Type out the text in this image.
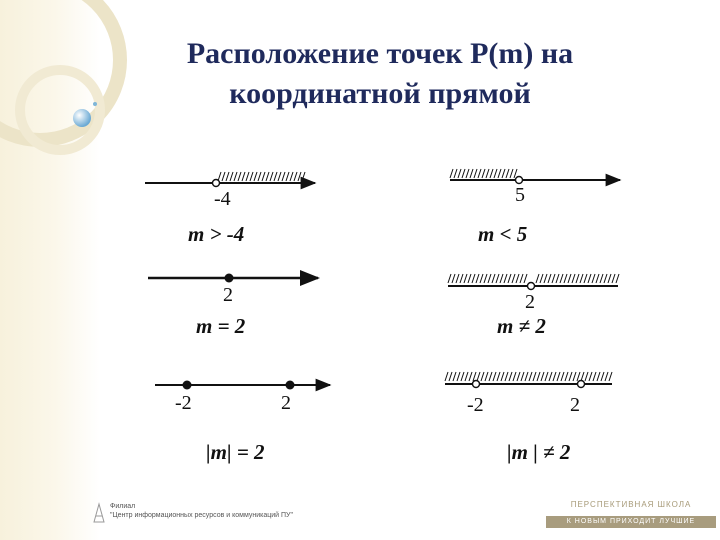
Расположение точек P(m) на
координатной прямой
-4
m > -4
5
m < 5
2
m = 2
2
m ≠ 2
-2	2
|m| = 2
-2	2
|m | ≠ 2
Филиал
"Центр информационных ресурсов и коммуникаций ПУ"
ПЕРСПЕКТИВНАЯ ШКОЛА
К НОВЫМ ПРИХОДИТ ЛУЧШИЕ
